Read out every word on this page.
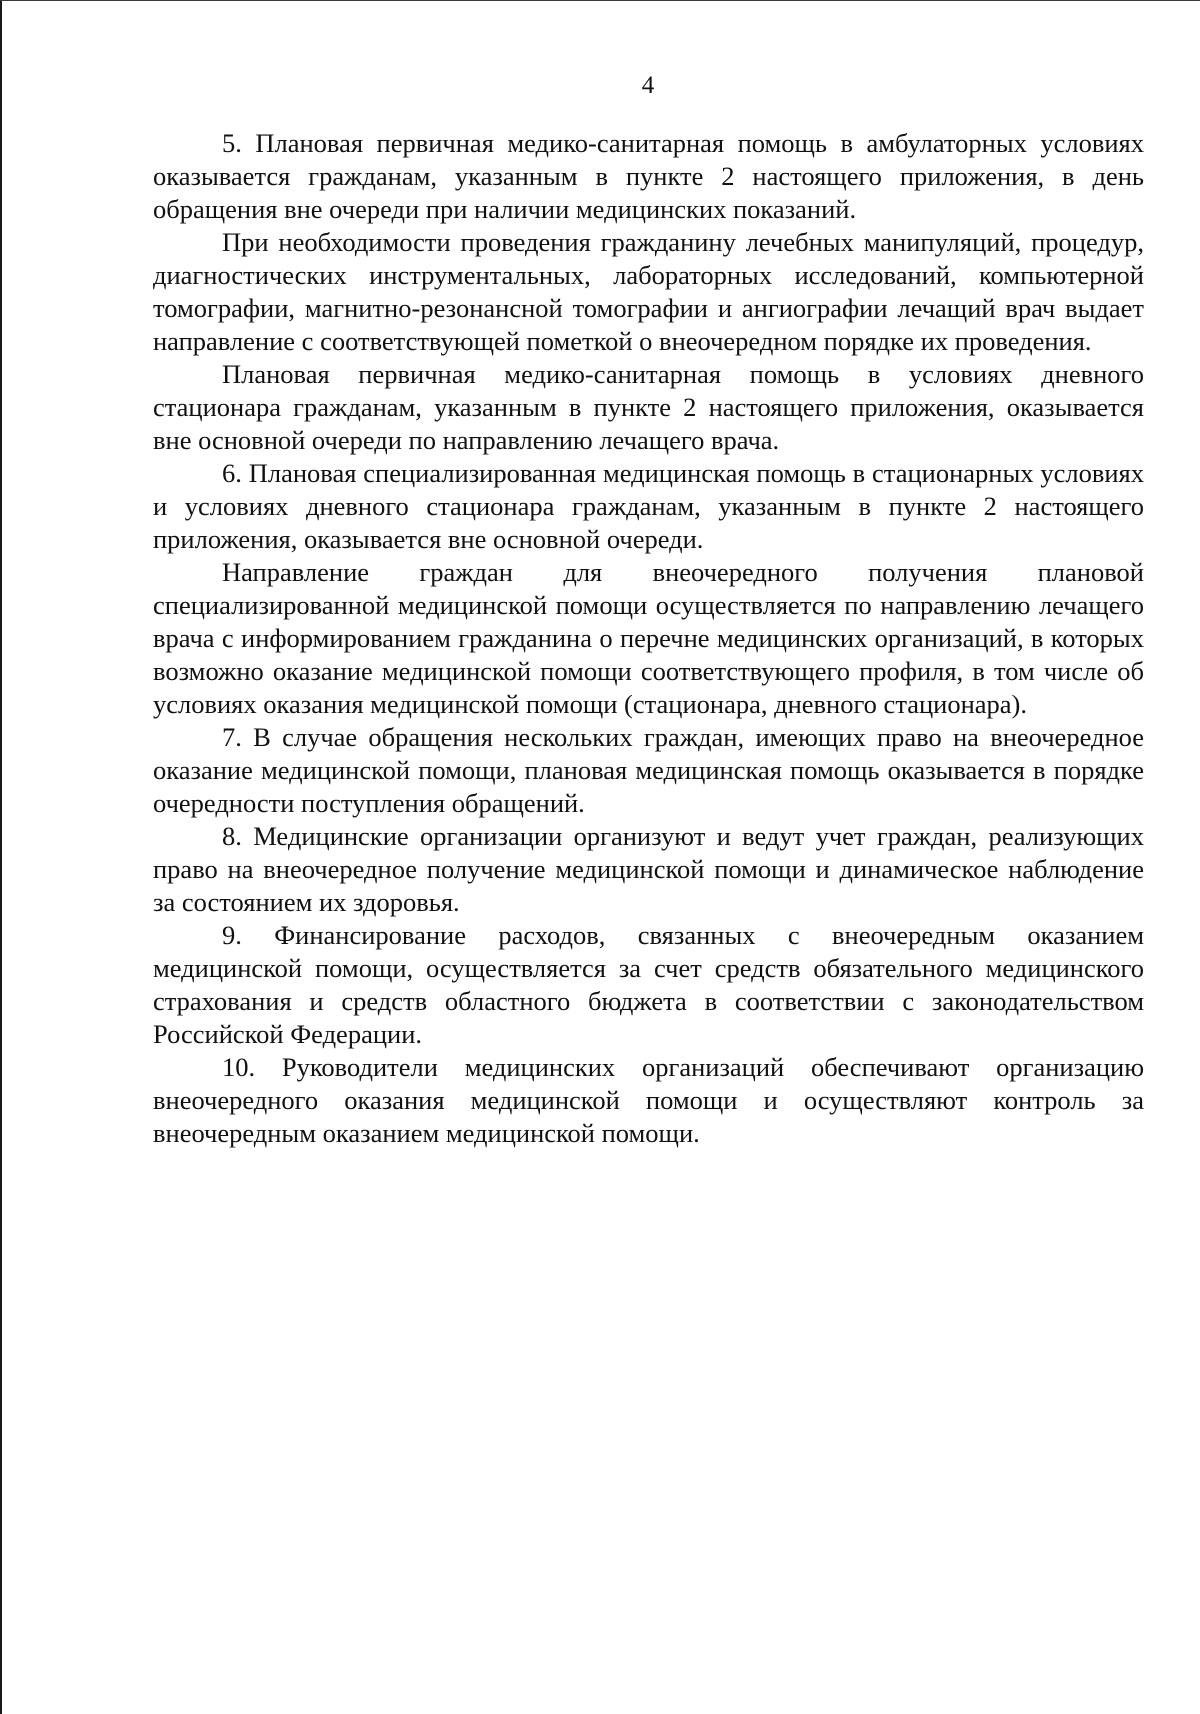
4

5. Плановая первичная медико-санитарная помощь в амбулаторных условиях оказывается гражданам, указанным в пункте 2 настоящего приложения, в день обращения вне очереди при наличии медицинских показаний.

При необходимости проведения гражданину лечебных манипуляций, процедур, диагностических инструментальных, лабораторных исследований, компьютерной томографии, магнитно-резонансной томографии и ангиографии лечащий врач выдает направление с соответствующей пометкой о внеочередном порядке их проведения.

Плановая первичная медико-санитарная помощь в условиях дневного стационара гражданам, указанным в пункте 2 настоящего приложения, оказывается вне основной очереди по направлению лечащего врача.

6. Плановая специализированная медицинская помощь в стационарных условиях и условиях дневного стационара гражданам, указанным в пункте 2 настоящего приложения, оказывается вне основной очереди.

Направление граждан для внеочередного получения плановой специализированной медицинской помощи осуществляется по направлению лечащего врача с информированием гражданина о перечне медицинских организаций, в которых возможно оказание медицинской помощи соответствующего профиля, в том числе об условиях оказания медицинской помощи (стационара, дневного стационара).

7. В случае обращения нескольких граждан, имеющих право на внеочередное оказание медицинской помощи, плановая медицинская помощь оказывается в порядке очередности поступления обращений.

8. Медицинские организации организуют и ведут учет граждан, реализующих право на внеочередное получение медицинской помощи и динамическое наблюдение за состоянием их здоровья.

9. Финансирование расходов, связанных с внеочередным оказанием медицинской помощи, осуществляется за счет средств обязательного медицинского страхования и средств областного бюджета в соответствии с законодательством Российской Федерации.

10. Руководители медицинских организаций обеспечивают организацию внеочередного оказания медицинской помощи и осуществляют контроль за внеочередным оказанием медицинской помощи.
